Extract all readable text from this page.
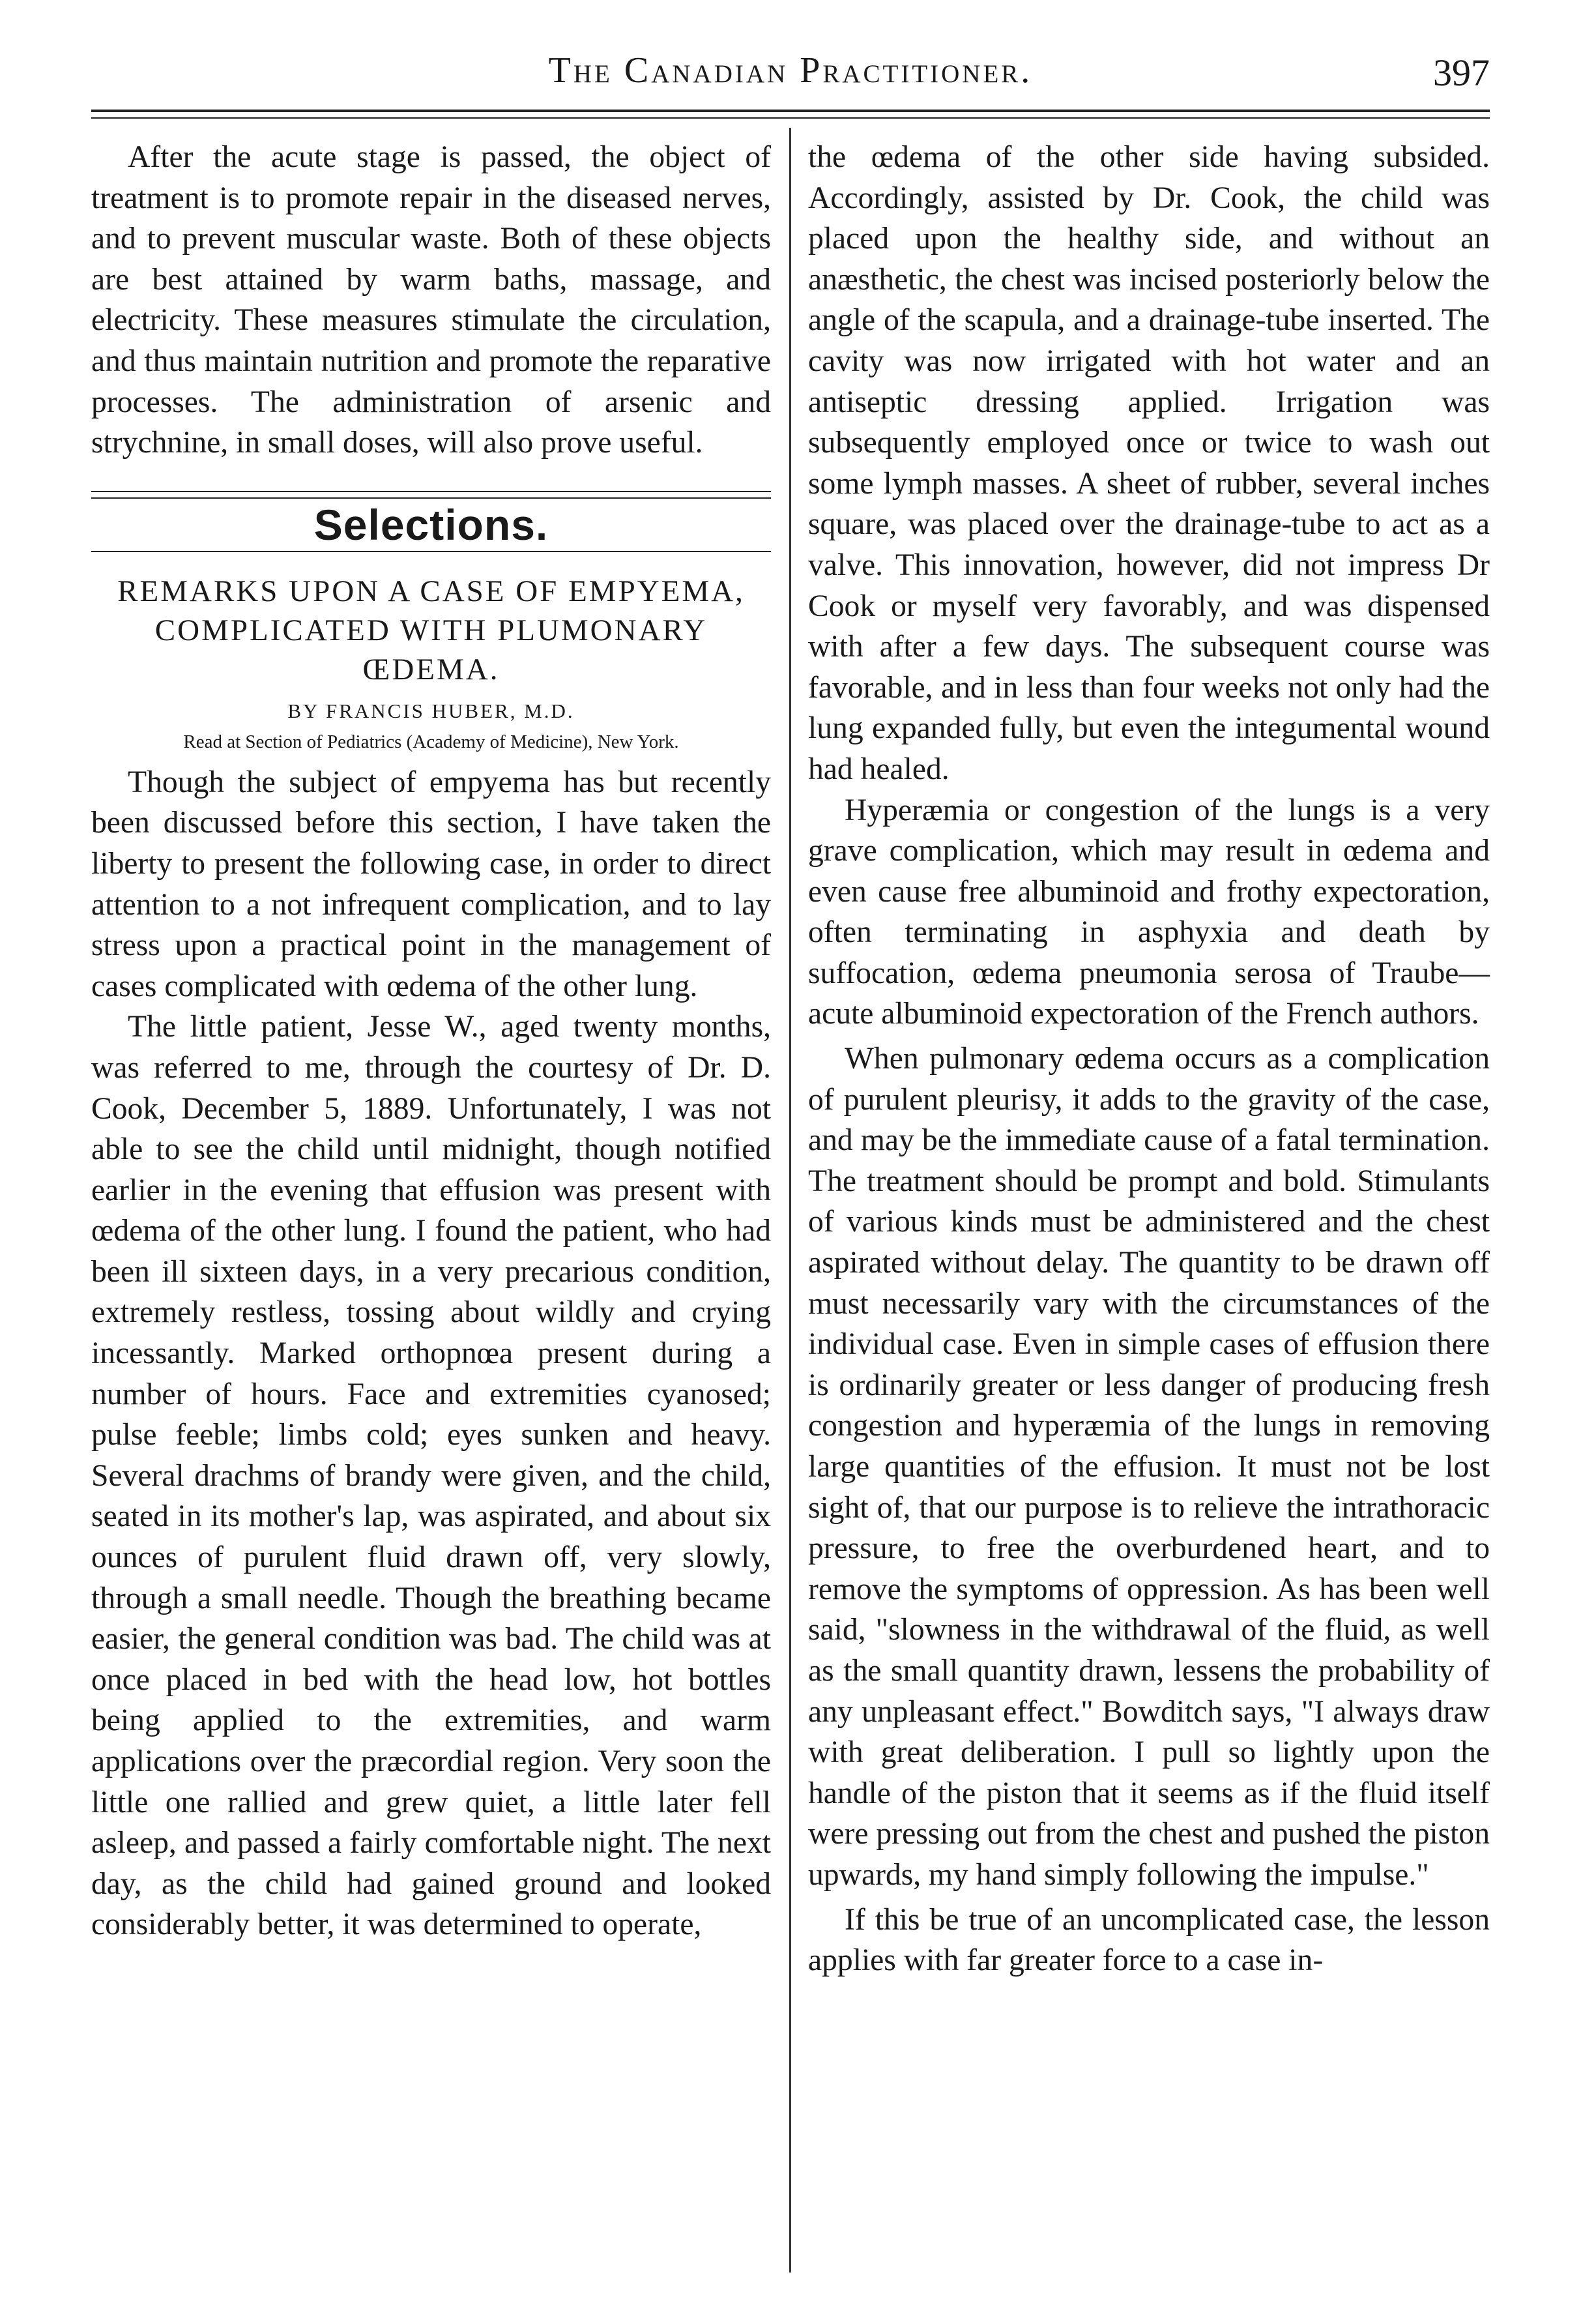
The Canadian Practitioner.	397

After the acute stage is passed, the object of treatment is to promote repair in the diseased nerves, and to prevent muscular waste. Both of these objects are best attained by warm baths, massage, and electricity. These measures stimulate the circulation, and thus maintain nutrition and promote the reparative processes. The administration of arsenic and strychnine, in small doses, will also prove useful.

Selections.
REMARKS UPON A CASE OF EMPYEMA, COMPLICATED WITH PLUMONARY ŒDEMA.
BY FRANCIS HUBER, M.D.
Read at Section of Pediatrics (Academy of Medicine), New York.

Though the subject of empyema has but recently been discussed before this section, I have taken the liberty to present the following case, in order to direct attention to a not infrequent complication, and to lay stress upon a practical point in the management of cases complicated with œdema of the other lung.

The little patient, Jesse W., aged twenty months, was referred to me, through the courtesy of Dr. D. Cook, December 5, 1889. Unfortunately, I was not able to see the child until midnight, though notified earlier in the evening that effusion was present with œdema of the other lung. I found the patient, who had been ill sixteen days, in a very precarious condition, extremely restless, tossing about wildly and crying incessantly. Marked orthopnœa present during a number of hours. Face and extremities cyanosed; pulse feeble; limbs cold; eyes sunken and heavy. Several drachms of brandy were given, and the child, seated in its mother's lap, was aspirated, and about six ounces of purulent fluid drawn off, very slowly, through a small needle. Though the breathing became easier, the general condition was bad. The child was at once placed in bed with the head low, hot bottles being applied to the extremities, and warm applications over the præcordial region. Very soon the little one rallied and grew quiet, a little later fell asleep, and passed a fairly comfortable night. The next day, as the child had gained ground and looked considerably better, it was determined to operate,

the œdema of the other side having subsided. Accordingly, assisted by Dr. Cook, the child was placed upon the healthy side, and without an anæsthetic, the chest was incised posteriorly below the angle of the scapula, and a drainage-tube inserted. The cavity was now irrigated with hot water and an antiseptic dressing applied. Irrigation was subsequently employed once or twice to wash out some lymph masses. A sheet of rubber, several inches square, was placed over the drainage-tube to act as a valve. This innovation, however, did not impress Dr Cook or myself very favorably, and was dispensed with after a few days. The subsequent course was favorable, and in less than four weeks not only had the lung expanded fully, but even the integumental wound had healed.

Hyperæmia or congestion of the lungs is a very grave complication, which may result in œdema and even cause free albuminoid and frothy expectoration, often terminating in asphyxia and death by suffocation, œdema pneumonia serosa of Traube—acute albuminoid expectoration of the French authors.

When pulmonary œdema occurs as a complication of purulent pleurisy, it adds to the gravity of the case, and may be the immediate cause of a fatal termination. The treatment should be prompt and bold. Stimulants of various kinds must be administered and the chest aspirated without delay. The quantity to be drawn off must necessarily vary with the circumstances of the individual case. Even in simple cases of effusion there is ordinarily greater or less danger of producing fresh congestion and hyperæmia of the lungs in removing large quantities of the effusion. It must not be lost sight of, that our purpose is to relieve the intrathoracic pressure, to free the overburdened heart, and to remove the symptoms of oppression. As has been well said, "slowness in the withdrawal of the fluid, as well as the small quantity drawn, lessens the probability of any unpleasant effect." Bowditch says, "I always draw with great deliberation. I pull so lightly upon the handle of the piston that it seems as if the fluid itself were pressing out from the chest and pushed the piston upwards, my hand simply following the impulse."

If this be true of an uncomplicated case, the lesson applies with far greater force to a case in-
